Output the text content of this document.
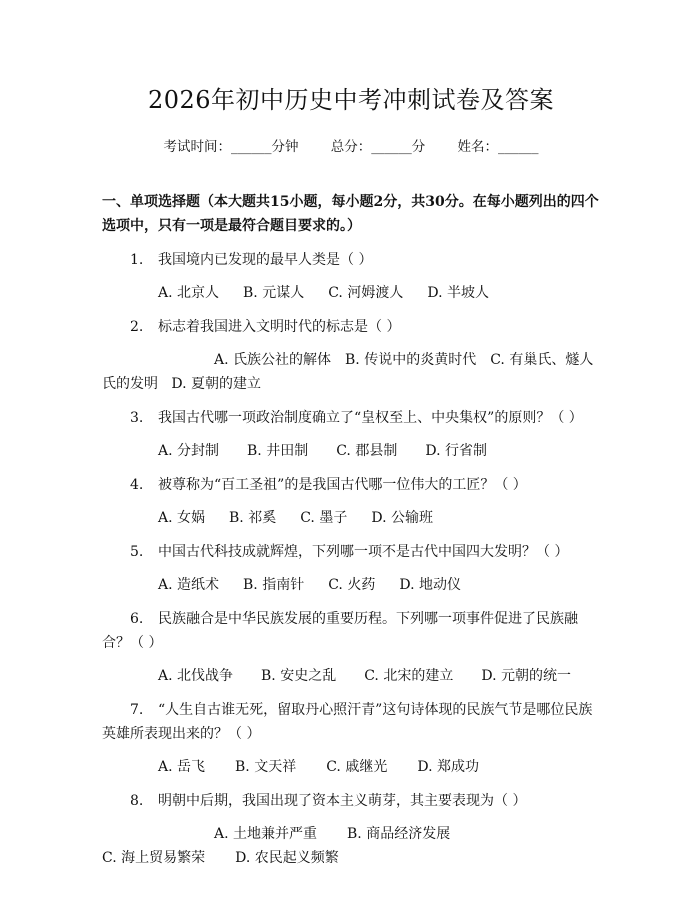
2026年初中历史中考冲刺试卷及答案
考试时间：______分钟 总分：______分 姓名：______
一、单项选择题（本大题共15小题，每小题2分，共30分。在每小题列出的四个选项中，只有一项是最符合题目要求的。）
1. 我国境内已发现的最早人类是（ ）
A. 北京人 B. 元谋人 C. 河姆渡人 D. 半坡人
2. 标志着我国进入文明时代的标志是（ ）
A. 氏族公社的解体 B. 传说中的炎黄时代 C. 有巢氏、燧人氏的发明 D. 夏朝的建立
3. 我国古代哪一项政治制度确立了“皇权至上、中央集权”的原则？（ ）
A. 分封制 B. 井田制 C. 郡县制 D. 行省制
4. 被尊称为“百工圣祖”的是我国古代哪一位伟大的工匠？（ ）
A. 女娲 B. 祁奚 C. 墨子 D. 公输班
5. 中国古代科技成就辉煌，下列哪一项不是古代中国四大发明？（ ）
A. 造纸术 B. 指南针 C. 火药 D. 地动仪
6. 民族融合是中华民族发展的重要历程。下列哪一项事件促进了民族融合？（ ）
A. 北伐战争 B. 安史之乱 C. 北宋的建立 D. 元朝的统一
7. “人生自古谁无死，留取丹心照汗青”这句诗体现的民族气节是哪位民族英雄所表现出来的？（ ）
A. 岳飞 B. 文天祥 C. 戚继光 D. 郑成功
8. 明朝中后期，我国出现了资本主义萌芽，其主要表现为（ ）
A. 土地兼并严重 B. 商品经济发展C. 海上贸易繁荣 D. 农民起义频繁
